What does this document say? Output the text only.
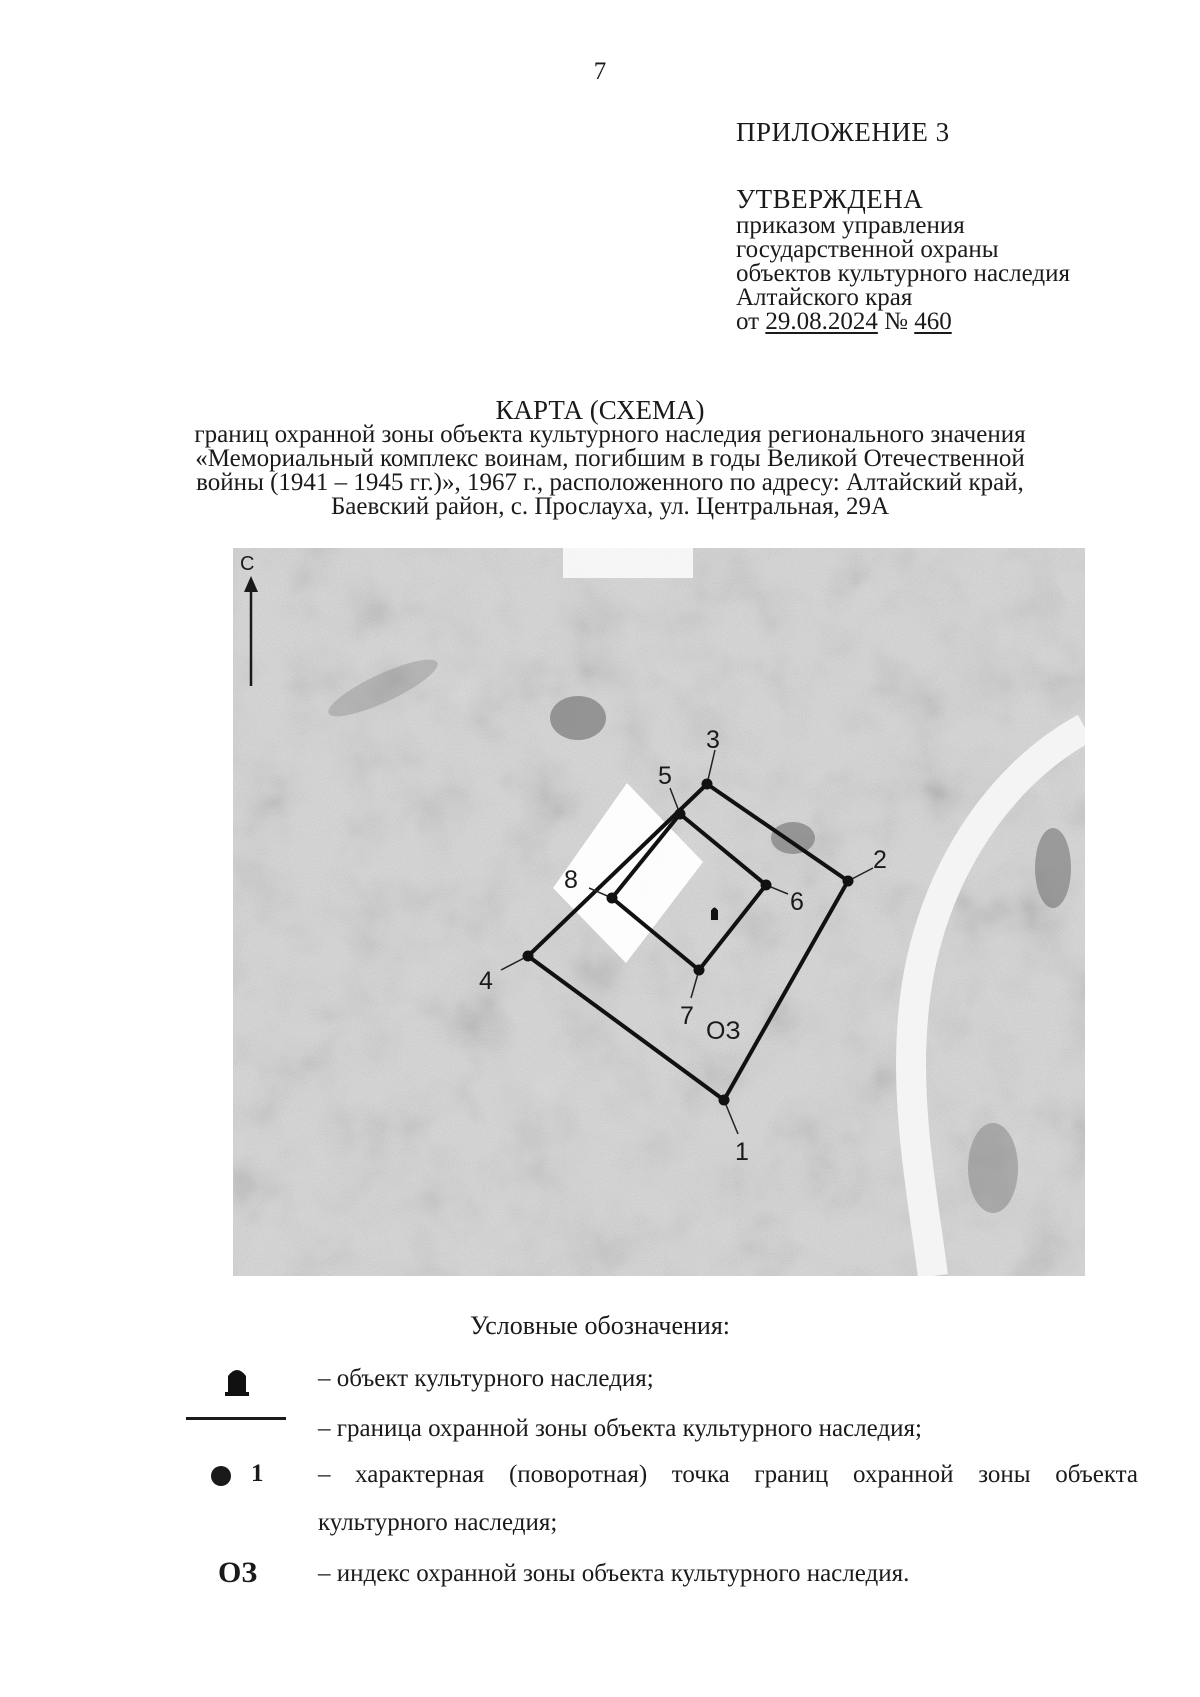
7
ПРИЛОЖЕНИЕ 3
УТВЕРЖДЕНА
приказом управления
государственной охраны
объектов культурного наследия
Алтайского края
от 29.08.2024 № 460
КАРТА (СХЕМА)
границ охранной зоны объекта культурного наследия регионального значения «Мемориальный комплекс воинам, погибшим в годы Великой Отечественной войны (1941 – 1945 гг.)», 1967 г., расположенного по адресу: Алтайский край, Баевский район, с. Прослауха, ул. Центральная, 29А
С
1
2
3
4
5
6
7
8
ОЗ
Условные обозначения:
– объект культурного наследия;
– граница охранной зоны объекта культурного наследия;
1 – характерная (поворотная) точка границ охранной зоны объекта культурного наследия;
ОЗ – индекс охранной зоны объекта культурного наследия.
